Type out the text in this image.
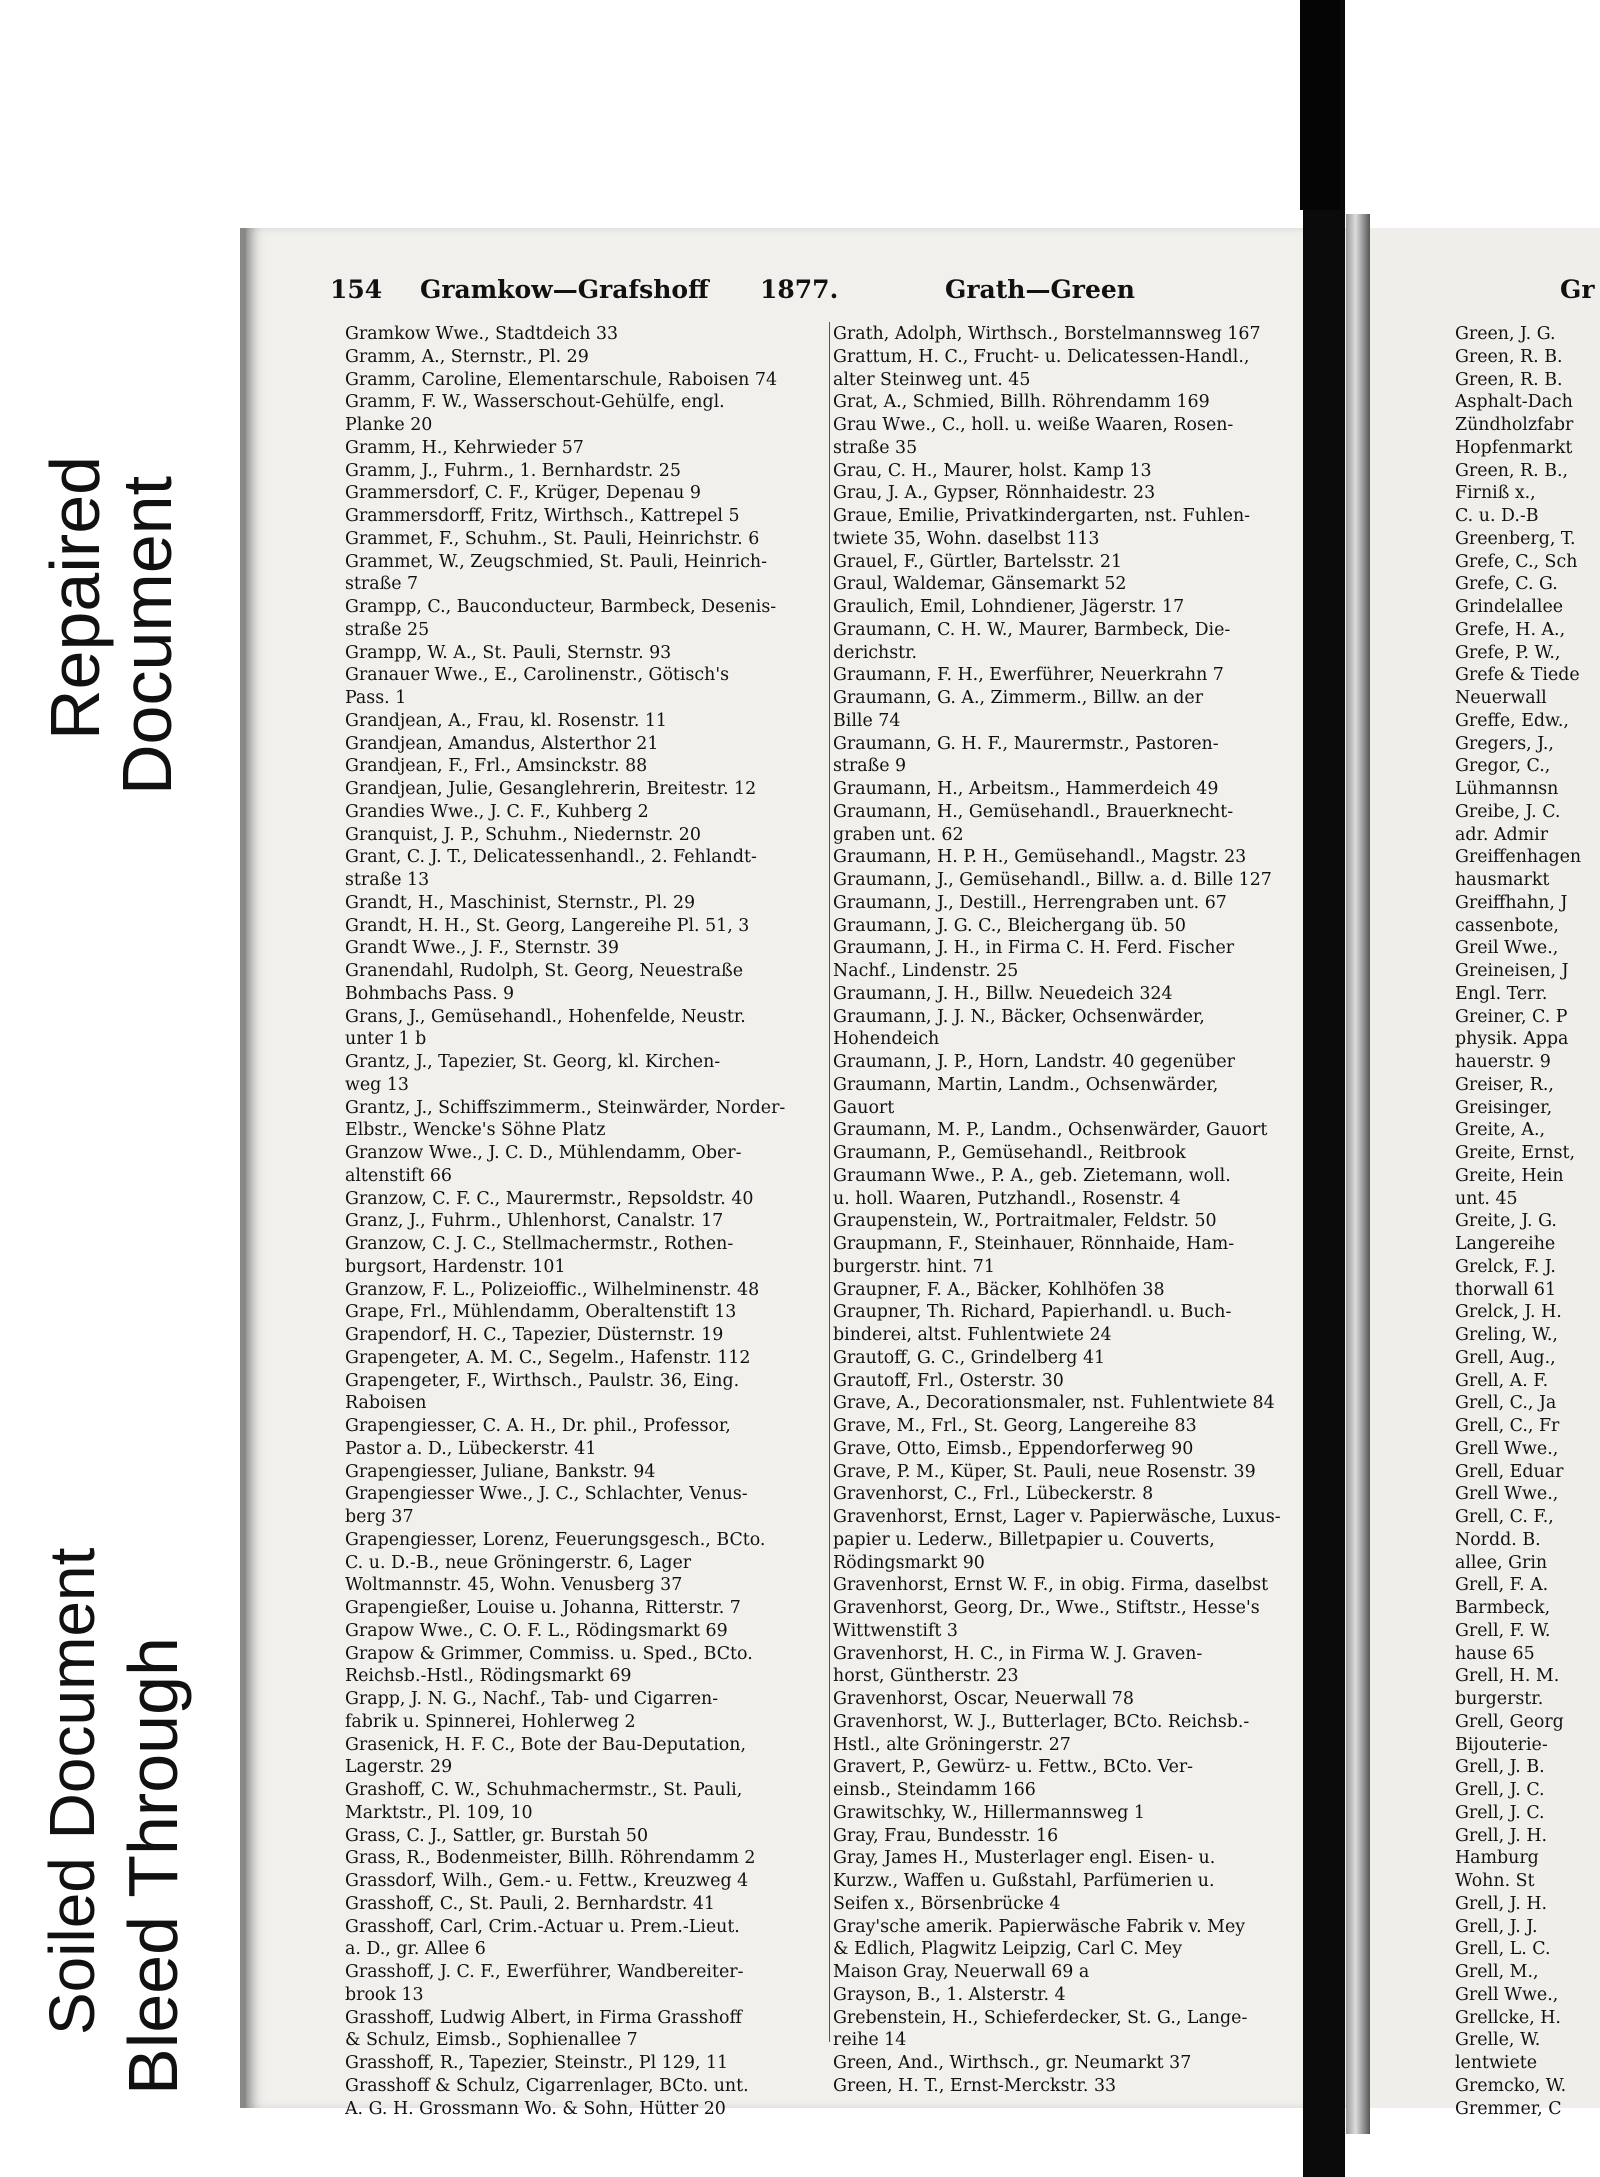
Repaired
Document
Soiled Document Bleed Through
154 Gramkow—Grafshoff 1877.	Grath—Green	Gr
Gramkow Wwe., Stadtdeich 33
Gramm, A., Sternstr., Pl. 29
Gramm, Caroline, Elementarschule, Raboisen 74
Gramm, F. W., Wasserschout-Gehülfe, engl.
Planke 20
Gramm, H., Kehrwieder 57
Gramm, J., Fuhrm., 1. Bernhardstr. 25
Grammersdorf, C. F., Krüger, Depenau 9
Grammersdorff, Fritz, Wirthsch., Kattrepel 5
Grammet, F., Schuhm., St. Pauli, Heinrichstr. 6
Grammet, W., Zeugschmied, St. Pauli, Heinrich-
straße 7
Grampp, C., Bauconducteur, Barmbeck, Desenis-
straße 25
Grampp, W. A., St. Pauli, Sternstr. 93
Granauer Wwe., E., Carolinenstr., Götisch's
Pass. 1
Grandjean, A., Frau, kl. Rosenstr. 11
Grandjean, Amandus, Alsterthor 21
Grandjean, F., Frl., Amsinckstr. 88
Grandjean, Julie, Gesanglehrerin, Breitestr. 12
Grandies Wwe., J. C. F., Kuhberg 2
Granquist, J. P., Schuhm., Niedernstr. 20
Grant, C. J. T., Delicatessenhandl., 2. Fehlandt-
straße 13
Grandt, H., Maschinist, Sternstr., Pl. 29
Grandt, H. H., St. Georg, Langereihe Pl. 51, 3
Grandt Wwe., J. F., Sternstr. 39
Granendahl, Rudolph, St. Georg, Neuestraße
Bohmbachs Pass. 9
Grans, J., Gemüsehandl., Hohenfelde, Neustr.
unter 1 b
Grantz, J., Tapezier, St. Georg, kl. Kirchen-
weg 13
Grantz, J., Schiffszimmerm., Steinwärder, Norder-
Elbstr., Wencke's Söhne Platz
Granzow Wwe., J. C. D., Mühlendamm, Ober-
altenstift 66
Granzow, C. F. C., Maurermstr., Repsoldstr. 40
Granz, J., Fuhrm., Uhlenhorst, Canalstr. 17
Granzow, C. J. C., Stellmachermstr., Rothen-
burgsort, Hardenstr. 101
Granzow, F. L., Polizeioffic., Wilhelminenstr. 48
Grape, Frl., Mühlendamm, Oberaltenstift 13
Grapendorf, H. C., Tapezier, Düsternstr. 19
Grapengeter, A. M. C., Segelm., Hafenstr. 112
Grapengeter, F., Wirthsch., Paulstr. 36, Eing.
Raboisen
Grapengiesser, C. A. H., Dr. phil., Professor,
Pastor a. D., Lübeckerstr. 41
Grapengiesser, Juliane, Bankstr. 94
Grapengiesser Wwe., J. C., Schlachter, Venus-
berg 37
Grapengiesser, Lorenz, Feuerungsgesch., BCto.
C. u. D.-B., neue Gröningerstr. 6, Lager
Woltmannstr. 45, Wohn. Venusberg 37
Grapengießer, Louise u. Johanna, Ritterstr. 7
Grapow Wwe., C. O. F. L., Rödingsmarkt 69
Grapow & Grimmer, Commiss. u. Sped., BCto.
Reichsb.-Hstl., Rödingsmarkt 69
Grapp, J. N. G., Nachf., Tab- und Cigarren-
fabrik u. Spinnerei, Hohlerweg 2
Grasenick, H. F. C., Bote der Bau-Deputation,
Lagerstr. 29
Grashoff, C. W., Schuhmachermstr., St. Pauli,
Marktstr., Pl. 109, 10
Grass, C. J., Sattler, gr. Burstah 50
Grass, R., Bodenmeister, Billh. Röhrendamm 2
Grassdorf, Wilh., Gem.- u. Fettw., Kreuzweg 4
Grasshoff, C., St. Pauli, 2. Bernhardstr. 41
Grasshoff, Carl, Crim.-Actuar u. Prem.-Lieut.
a. D., gr. Allee 6
Grasshoff, J. C. F., Ewerführer, Wandbereiter-
brook 13
Grasshoff, Ludwig Albert, in Firma Grasshoff
& Schulz, Eimsb., Sophienallee 7
Grasshoff, R., Tapezier, Steinstr., Pl 129, 11
Grasshoff & Schulz, Cigarrenlager, BCto. unt.
A. G. H. Grossmann Wo. & Sohn, Hütter 20
Grath, Adolph, Wirthsch., Borstelmannsweg 167
Grattum, H. C., Frucht- u. Delicatessen-Handl.,
alter Steinweg unt. 45
Grat, A., Schmied, Billh. Röhrendamm 169
Grau Wwe., C., holl. u. weiße Waaren, Rosen-
straße 35
Grau, C. H., Maurer, holst. Kamp 13
Grau, J. A., Gypser, Rönnhaidestr. 23
Graue, Emilie, Privatkindergarten, nst. Fuhlen-
twiete 35, Wohn. daselbst 113
Grauel, F., Gürtler, Bartelsstr. 21
Graul, Waldemar, Gänsemarkt 52
Graulich, Emil, Lohndiener, Jägerstr. 17
Graumann, C. H. W., Maurer, Barmbeck, Die-
derichstr.
Graumann, F. H., Ewerführer, Neuerkrahn 7
Graumann, G. A., Zimmerm., Billw. an der
Bille 74
Graumann, G. H. F., Maurermstr., Pastoren-
straße 9
Graumann, H., Arbeitsm., Hammerdeich 49
Graumann, H., Gemüsehandl., Brauerknecht-
graben unt. 62
Graumann, H. P. H., Gemüsehandl., Magstr. 23
Graumann, J., Gemüsehandl., Billw. a. d. Bille 127
Graumann, J., Destill., Herrengraben unt. 67
Graumann, J. G. C., Bleichergang üb. 50
Graumann, J. H., in Firma C. H. Ferd. Fischer
Nachf., Lindenstr. 25
Graumann, J. H., Billw. Neuedeich 324
Graumann, J. J. N., Bäcker, Ochsenwärder,
Hohendeich
Graumann, J. P., Horn, Landstr. 40 gegenüber
Graumann, Martin, Landm., Ochsenwärder,
Gauort
Graumann, M. P., Landm., Ochsenwärder, Gauort
Graumann, P., Gemüsehandl., Reitbrook
Graumann Wwe., P. A., geb. Zietemann, woll.
u. holl. Waaren, Putzhandl., Rosenstr. 4
Graupenstein, W., Portraitmaler, Feldstr. 50
Graupmann, F., Steinhauer, Rönnhaide, Ham-
burgerstr. hint. 71
Graupner, F. A., Bäcker, Kohlhöfen 38
Graupner, Th. Richard, Papierhandl. u. Buch-
binderei, altst. Fuhlentwiete 24
Grautoff, G. C., Grindelberg 41
Grautoff, Frl., Osterstr. 30
Grave, A., Decorationsmaler, nst. Fuhlentwiete 84
Grave, M., Frl., St. Georg, Langereihe 83
Grave, Otto, Eimsb., Eppendorferweg 90
Grave, P. M., Küper, St. Pauli, neue Rosenstr. 39
Gravenhorst, C., Frl., Lübeckerstr. 8
Gravenhorst, Ernst, Lager v. Papierwäsche, Luxus-
papier u. Lederw., Billetpapier u. Couverts,
Rödingsmarkt 90
Gravenhorst, Ernst W. F., in obig. Firma, daselbst
Gravenhorst, Georg, Dr., Wwe., Stiftstr., Hesse's
Wittwenstift 3
Gravenhorst, H. C., in Firma W. J. Graven-
horst, Güntherstr. 23
Gravenhorst, Oscar, Neuerwall 78
Gravenhorst, W. J., Butterlager, BCto. Reichsb.-
Hstl., alte Gröningerstr. 27
Gravert, P., Gewürz- u. Fettw., BCto. Ver-
einsb., Steindamm 166
Grawitschky, W., Hillermannsweg 1
Gray, Frau, Bundesstr. 16
Gray, James H., Musterlager engl. Eisen- u.
Kurzw., Waffen u. Gußstahl, Parfümerien u.
Seifen x., Börsenbrücke 4
Gray'sche amerik. Papierwäsche Fabrik v. Mey
& Edlich, Plagwitz Leipzig, Carl C. Mey
Maison Gray, Neuerwall 69 a
Grayson, B., 1. Alsterstr. 4
Grebenstein, H., Schieferdecker, St. G., Lange-
reihe 14
Green, And., Wirthsch., gr. Neumarkt 37
Green, H. T., Ernst-Merckstr. 33
Green, J. G.
Green, R. B.
Green, R. B.
Asphalt-Dach
Zündholzfabr
Hopfenmarkt
Green, R. B.,
Firniß x.,
C. u. D.-B
Greenberg, T.
Grefe, C., Sch
Grefe, C. G.
Grindelallee
Grefe, H. A.,
Grefe, P. W.,
Grefe & Tiede
Neuerwall
Greffe, Edw.,
Gregers, J.,
Gregor, C.,
Lühmannsn
Greibe, J. C.
adr. Admir
Greiffenhagen
hausmarkt
Greiffhahn, J
cassenbote,
Greil Wwe.,
Greineisen, J
Engl. Terr.
Greiner, C. P
physik. Appa
hauerstr. 9
Greiser, R.,
Greisinger,
Greite, A.,
Greite, Ernst,
Greite, Hein
unt. 45
Greite, J. G.
Langereihe
Grelck, F. J.
thorwall 61
Grelck, J. H.
Greling, W.,
Grell, Aug.,
Grell, A. F.
Grell, C., Ja
Grell, C., Fr
Grell Wwe.,
Grell, Eduar
Grell Wwe.,
Grell, C. F.,
Nordd. B.
allee, Grin
Grell, F. A.
Barmbeck,
Grell, F. W.
hause 65
Grell, H. M.
burgerstr.
Grell, Georg
Bijouterie-
Grell, J. B.
Grell, J. C.
Grell, J. C.
Grell, J. H.
Hamburg
Wohn. St
Grell, J. H.
Grell, J. J.
Grell, L. C.
Grell, M.,
Grell Wwe.,
Grellcke, H.
Grelle, W.
lentwiete
Gremcko, W.
Gremmer, C
